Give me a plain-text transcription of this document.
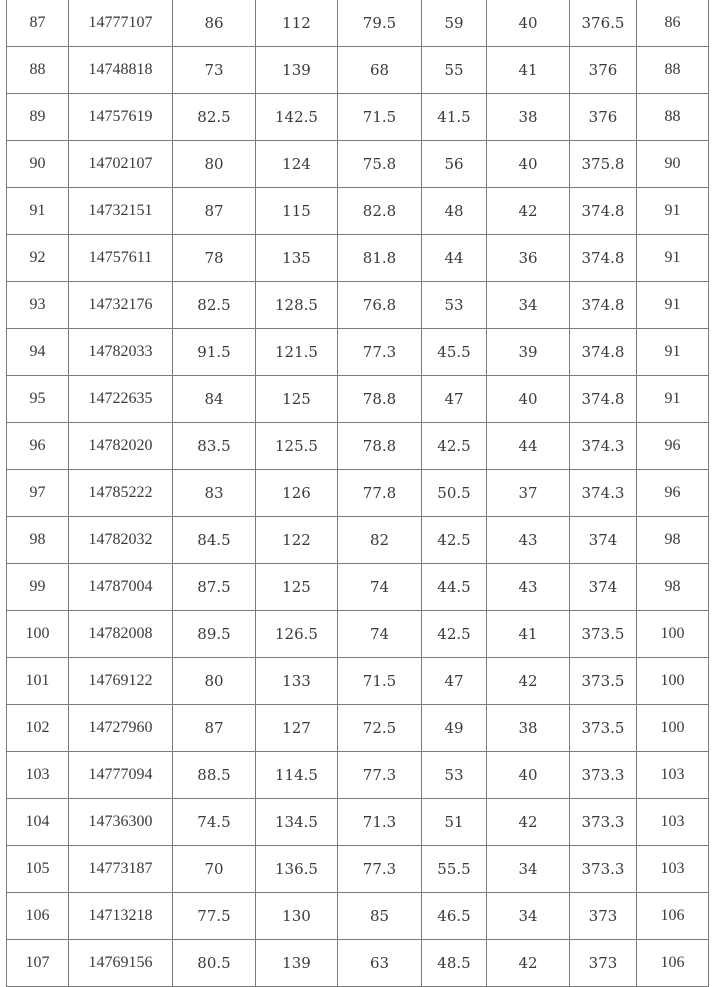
87	14777107	86	112	79.5	59	40	376.5	86
88	14748818	73	139	68	55	41	376	88
89	14757619	82.5	142.5	71.5	41.5	38	376	88
90	14702107	80	124	75.8	56	40	375.8	90
91	14732151	87	115	82.8	48	42	374.8	91
92	14757611	78	135	81.8	44	36	374.8	91
93	14732176	82.5	128.5	76.8	53	34	374.8	91
94	14782033	91.5	121.5	77.3	45.5	39	374.8	91
95	14722635	84	125	78.8	47	40	374.8	91
96	14782020	83.5	125.5	78.8	42.5	44	374.3	96
97	14785222	83	126	77.8	50.5	37	374.3	96
98	14782032	84.5	122	82	42.5	43	374	98
99	14787004	87.5	125	74	44.5	43	374	98
100	14782008	89.5	126.5	74	42.5	41	373.5	100
101	14769122	80	133	71.5	47	42	373.5	100
102	14727960	87	127	72.5	49	38	373.5	100
103	14777094	88.5	114.5	77.3	53	40	373.3	103
104	14736300	74.5	134.5	71.3	51	42	373.3	103
105	14773187	70	136.5	77.3	55.5	34	373.3	103
106	14713218	77.5	130	85	46.5	34	373	106
107	14769156	80.5	139	63	48.5	42	373	106
